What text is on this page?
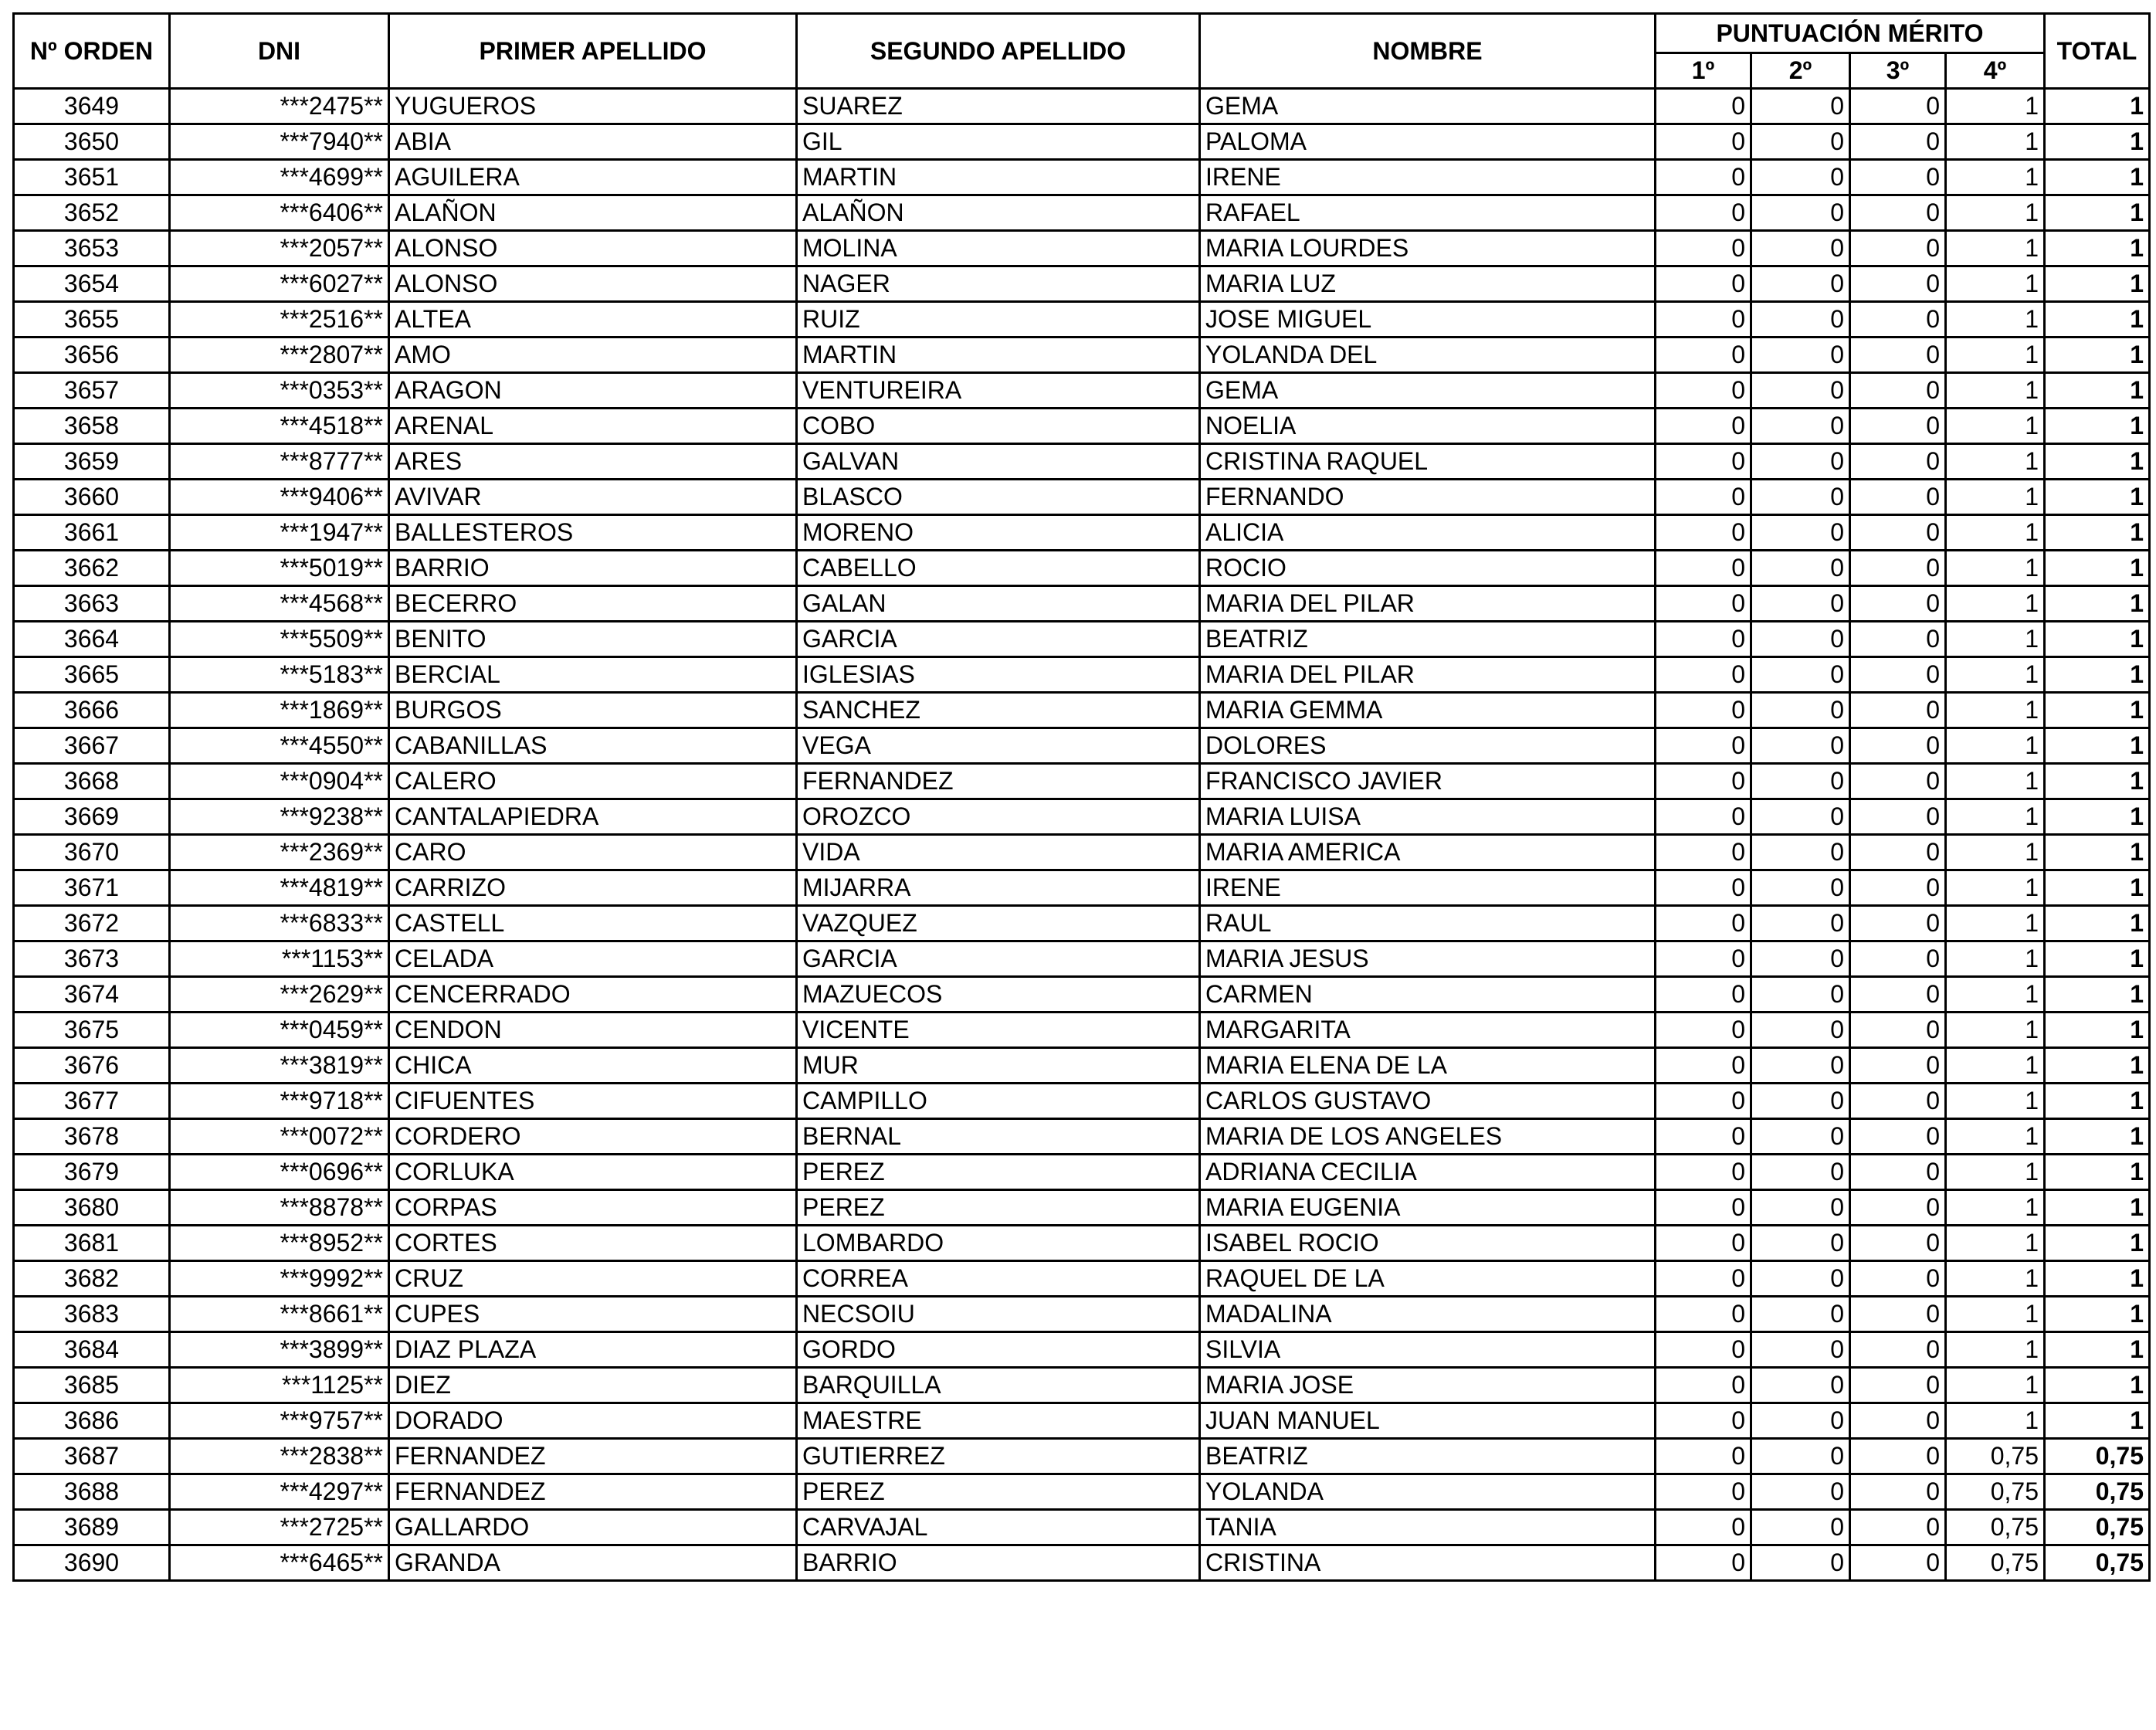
Nº ORDEN	DNI	PRIMER APELLIDO	SEGUNDO APELLIDO	NOMBRE	PUNTUACIÓN MÉRITO				TOTAL
					1º	2º	3º	4º	
3649	***2475**	YUGUEROS	SUAREZ	GEMA	0	0	0	1	1
3650	***7940**	ABIA	GIL	PALOMA	0	0	0	1	1
3651	***4699**	AGUILERA	MARTIN	IRENE	0	0	0	1	1
3652	***6406**	ALAÑON	ALAÑON	RAFAEL	0	0	0	1	1
3653	***2057**	ALONSO	MOLINA	MARIA LOURDES	0	0	0	1	1
3654	***6027**	ALONSO	NAGER	MARIA LUZ	0	0	0	1	1
3655	***2516**	ALTEA	RUIZ	JOSE MIGUEL	0	0	0	1	1
3656	***2807**	AMO	MARTIN	YOLANDA DEL	0	0	0	1	1
3657	***0353**	ARAGON	VENTUREIRA	GEMA	0	0	0	1	1
3658	***4518**	ARENAL	COBO	NOELIA	0	0	0	1	1
3659	***8777**	ARES	GALVAN	CRISTINA RAQUEL	0	0	0	1	1
3660	***9406**	AVIVAR	BLASCO	FERNANDO	0	0	0	1	1
3661	***1947**	BALLESTEROS	MORENO	ALICIA	0	0	0	1	1
3662	***5019**	BARRIO	CABELLO	ROCIO	0	0	0	1	1
3663	***4568**	BECERRO	GALAN	MARIA DEL PILAR	0	0	0	1	1
3664	***5509**	BENITO	GARCIA	BEATRIZ	0	0	0	1	1
3665	***5183**	BERCIAL	IGLESIAS	MARIA DEL PILAR	0	0	0	1	1
3666	***1869**	BURGOS	SANCHEZ	MARIA GEMMA	0	0	0	1	1
3667	***4550**	CABANILLAS	VEGA	DOLORES	0	0	0	1	1
3668	***0904**	CALERO	FERNANDEZ	FRANCISCO JAVIER	0	0	0	1	1
3669	***9238**	CANTALAPIEDRA	OROZCO	MARIA LUISA	0	0	0	1	1
3670	***2369**	CARO	VIDA	MARIA AMERICA	0	0	0	1	1
3671	***4819**	CARRIZO	MIJARRA	IRENE	0	0	0	1	1
3672	***6833**	CASTELL	VAZQUEZ	RAUL	0	0	0	1	1
3673	***1153**	CELADA	GARCIA	MARIA JESUS	0	0	0	1	1
3674	***2629**	CENCERRADO	MAZUECOS	CARMEN	0	0	0	1	1
3675	***0459**	CENDON	VICENTE	MARGARITA	0	0	0	1	1
3676	***3819**	CHICA	MUR	MARIA ELENA DE LA	0	0	0	1	1
3677	***9718**	CIFUENTES	CAMPILLO	CARLOS GUSTAVO	0	0	0	1	1
3678	***0072**	CORDERO	BERNAL	MARIA DE LOS ANGELES	0	0	0	1	1
3679	***0696**	CORLUKA	PEREZ	ADRIANA CECILIA	0	0	0	1	1
3680	***8878**	CORPAS	PEREZ	MARIA EUGENIA	0	0	0	1	1
3681	***8952**	CORTES	LOMBARDO	ISABEL ROCIO	0	0	0	1	1
3682	***9992**	CRUZ	CORREA	RAQUEL DE LA	0	0	0	1	1
3683	***8661**	CUPES	NECSOIU	MADALINA	0	0	0	1	1
3684	***3899**	DIAZ PLAZA	GORDO	SILVIA	0	0	0	1	1
3685	***1125**	DIEZ	BARQUILLA	MARIA JOSE	0	0	0	1	1
3686	***9757**	DORADO	MAESTRE	JUAN MANUEL	0	0	0	1	1
3687	***2838**	FERNANDEZ	GUTIERREZ	BEATRIZ	0	0	0	0,75	0,75
3688	***4297**	FERNANDEZ	PEREZ	YOLANDA	0	0	0	0,75	0,75
3689	***2725**	GALLARDO	CARVAJAL	TANIA	0	0	0	0,75	0,75
3690	***6465**	GRANDA	BARRIO	CRISTINA	0	0	0	0,75	0,75
